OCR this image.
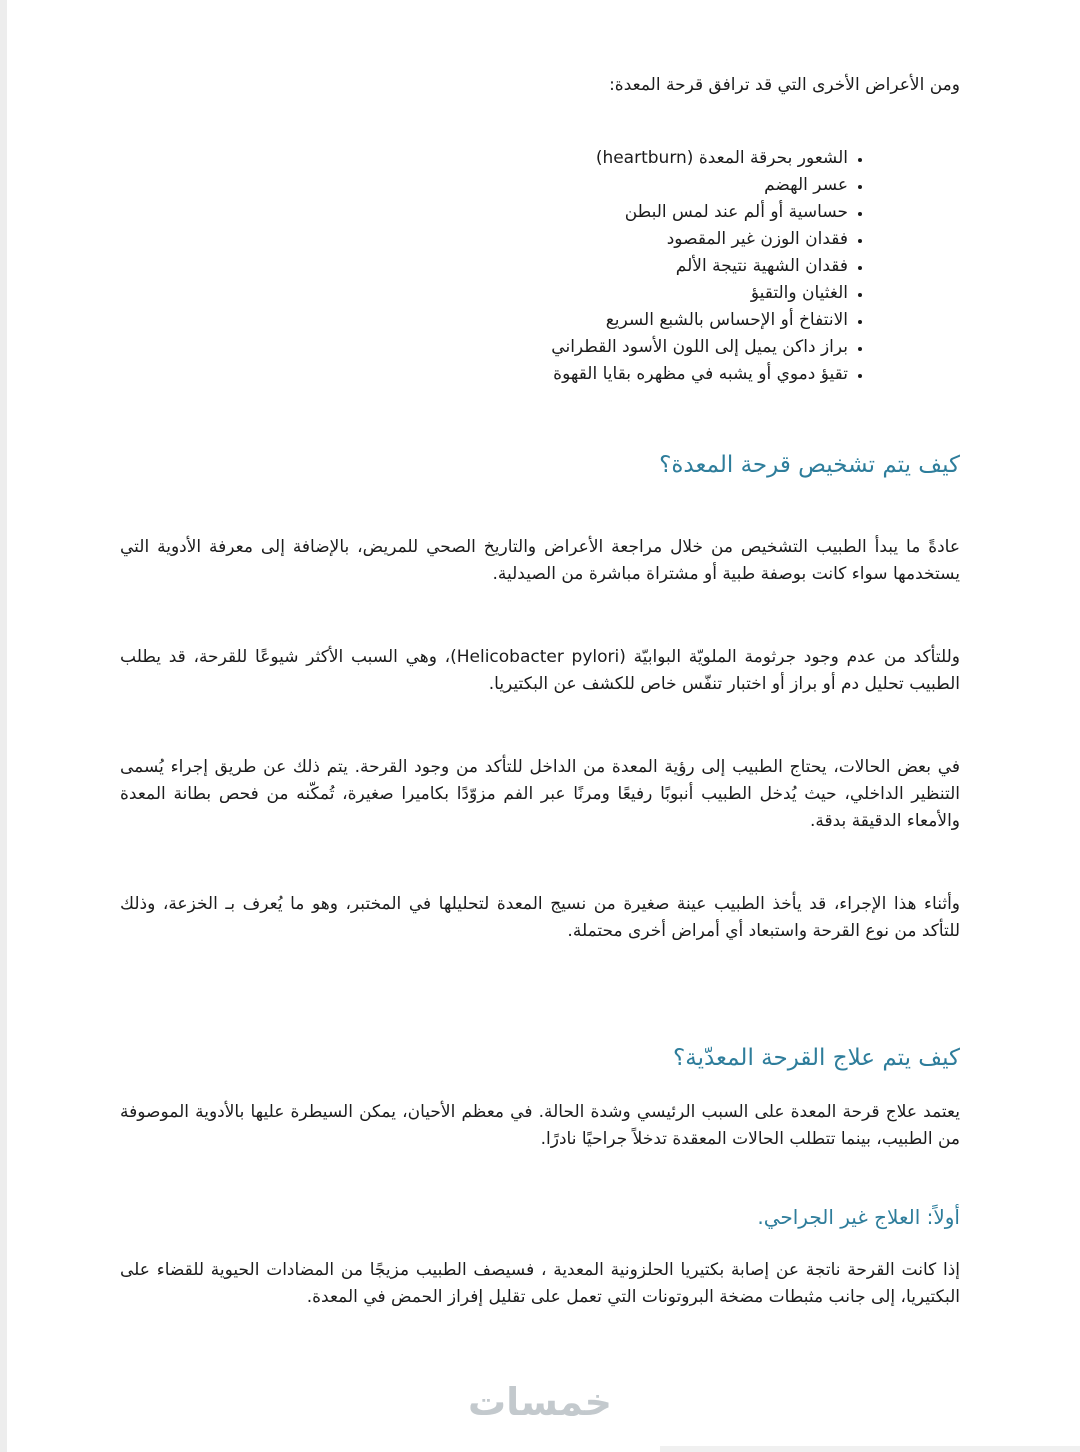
ومن الأعراض الأخرى التي قد ترافق قرحة المعدة:

• الشعور بحرقة المعدة (heartburn)
• عسر الهضم
• حساسية أو ألم عند لمس البطن
• فقدان الوزن غير المقصود
• فقدان الشهية نتيجة الألم
• الغثيان والتقيؤ
• الانتفاخ أو الإحساس بالشبع السريع
• براز داكن يميل إلى اللون الأسود القطراني
• تقيؤ دموي أو يشبه في مظهره بقايا القهوة
كيف يتم تشخيص قرحة المعدة؟

عادةً ما يبدأ الطبيب التشخيص من خلال مراجعة الأعراض والتاريخ الصحي للمريض، بالإضافة إلى معرفة الأدوية التي يستخدمها سواء كانت بوصفة طبية أو مشتراة مباشرة من الصيدلية.

وللتأكد من عدم وجود جرثومة الملويّة البوابيّة (Helicobacter pylori)، وهي السبب الأكثر شيوعًا للقرحة، قد يطلب الطبيب تحليل دم أو براز أو اختبار تنفّس خاص للكشف عن البكتيريا.

في بعض الحالات، يحتاج الطبيب إلى رؤية المعدة من الداخل للتأكد من وجود القرحة. يتم ذلك عن طريق إجراء يُسمى التنظير الداخلي، حيث يُدخل الطبيب أنبوبًا رفيعًا ومرنًا عبر الفم مزوّدًا بكاميرا صغيرة، تُمكّنه من فحص بطانة المعدة والأمعاء الدقيقة بدقة.

وأثناء هذا الإجراء، قد يأخذ الطبيب عينة صغيرة من نسيج المعدة لتحليلها في المختبر، وهو ما يُعرف بـ الخزعة، وذلك للتأكد من نوع القرحة واستبعاد أي أمراض أخرى محتملة.

كيف يتم علاج القرحة المعدّية؟

يعتمد علاج قرحة المعدة على السبب الرئيسي وشدة الحالة. في معظم الأحيان، يمكن السيطرة عليها بالأدوية الموصوفة من الطبيب، بينما تتطلب الحالات المعقدة تدخلاً جراحيًا نادرًا.

أولاً: العلاج غير الجراحي.

إذا كانت القرحة ناتجة عن إصابة بكتيريا الحلزونية المعدية ، فسيصف الطبيب مزيجًا من المضادات الحيوية للقضاء على البكتيريا، إلى جانب مثبطات مضخة البروتونات التي تعمل على تقليل إفراز الحمض في المعدة.

خمسات
